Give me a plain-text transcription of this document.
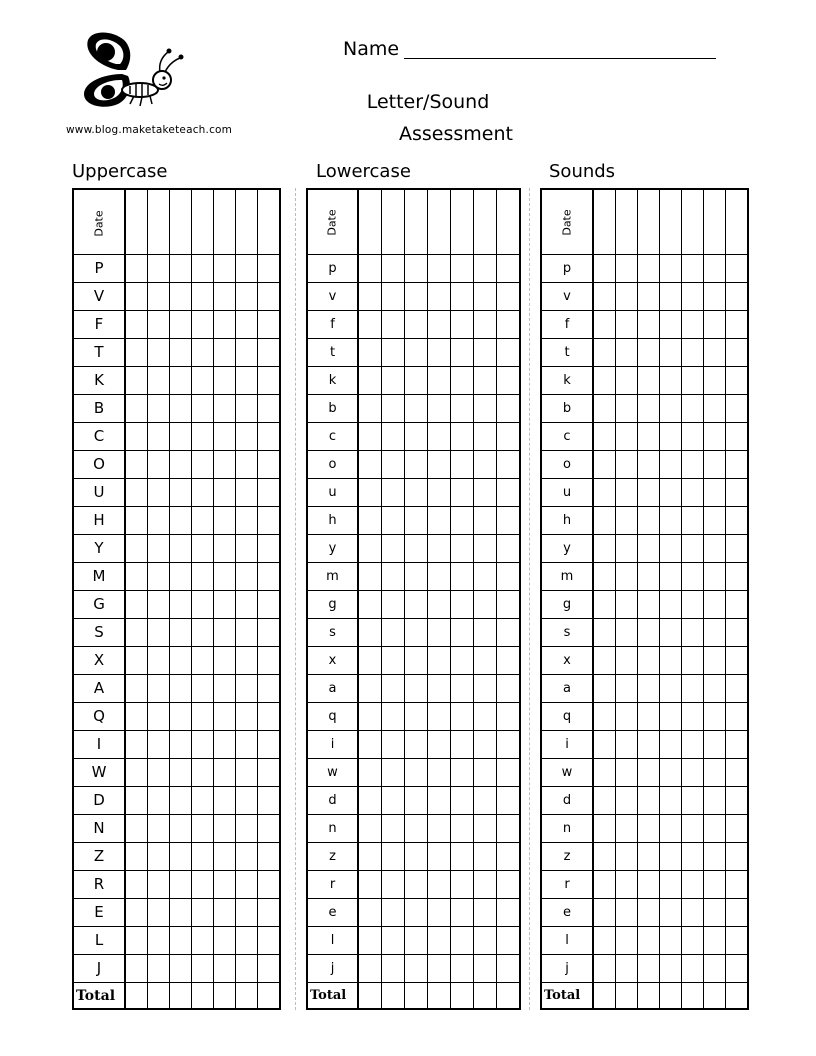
www.blog.maketaketeach.com
Name
Letter/Sound
Assessment
Uppercase	Lowercase	Sounds
Date							
P							
V							
F							
T							
K							
B							
C							
O							
U							
H							
Y							
M							
G							
S							
X							
A							
Q							
I							
W							
D							
N							
Z							
R							
E							
L							
J							
Total							
Date							
p							
v							
f							
t							
k							
b							
c							
o							
u							
h							
y							
m							
g							
s							
x							
a							
q							
i							
w							
d							
n							
z							
r							
e							
l							
j							
Total							
Date							
p							
v							
f							
t							
k							
b							
c							
o							
u							
h							
y							
m							
g							
s							
x							
a							
q							
i							
w							
d							
n							
z							
r							
e							
l							
j							
Total							
